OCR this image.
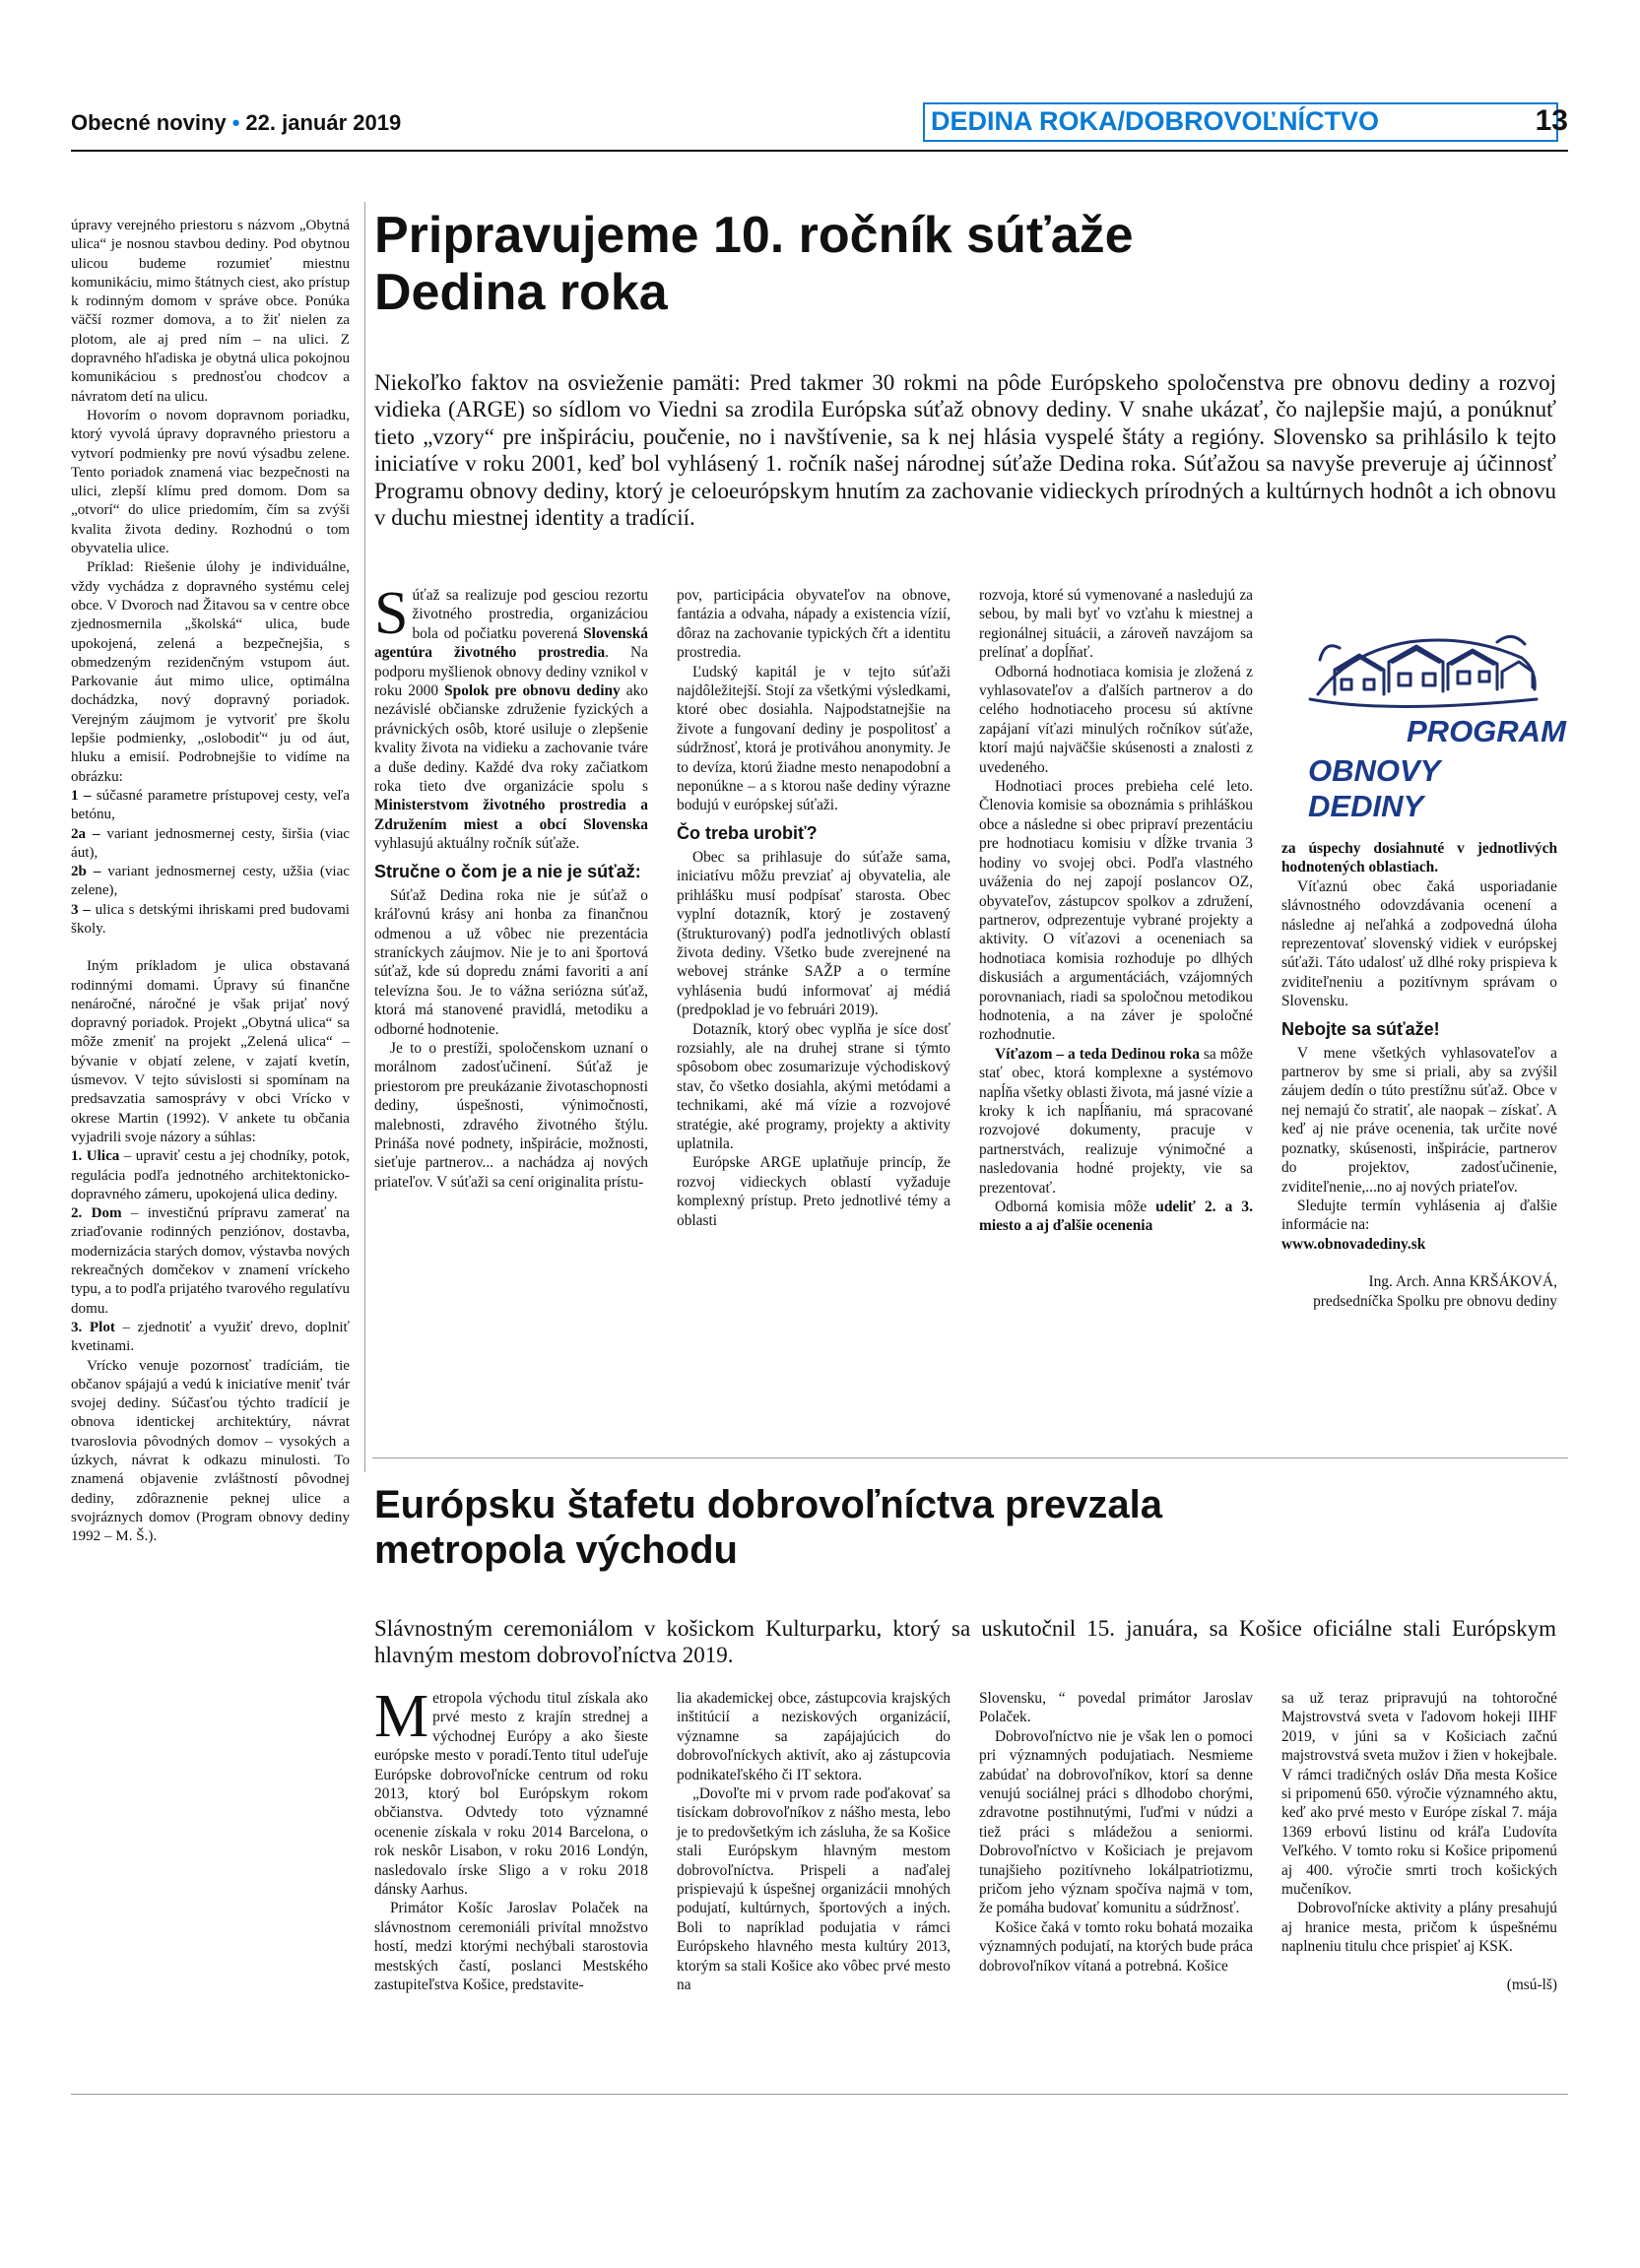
Obecné noviny • 22. január 2019	DEDINA ROKA/DOBROVOĽNÍCTVO	13

úpravy verejného priestoru s názvom „Obytná ulica“ je nosnou stavbou dediny. Pod obytnou ulicou budeme rozumieť miestnu komunikáciu, mimo štátnych ciest, ako prístup k rodinným domom v správe obce. Ponúka väčší rozmer domova, a to žiť nielen za plotom, ale aj pred ním – na ulici. Z dopravného hľadiska je obytná ulica pokojnou komunikáciou s prednosťou chodcov a návratom detí na ulicu.

Hovorím o novom dopravnom poriadku, ktorý vyvolá úpravy dopravného priestoru a vytvorí podmienky pre novú výsadbu zelene. Tento poriadok znamená viac bezpečnosti na ulici, zlepší klímu pred domom. Dom sa „otvorí“ do ulice priedomím, čím sa zvýši kvalita života dediny. Rozhodnú o tom obyvatelia ulice.

Príklad: Riešenie úlohy je individuálne, vždy vychádza z dopravného systému celej obce. V Dvoroch nad Žitavou sa v centre obce zjednosmernila „školská“ ulica, bude upokojená, zelená a bezpečnejšia, s obmedzeným rezidenčným vstupom áut. Parkovanie áut mimo ulice, optimálna dochádzka, nový dopravný poriadok. Verejným záujmom je vytvoriť pre školu lepšie podmienky, „oslobodiť“ ju od áut, hluku a emisií. Podrobnejšie to vidíme na obrázku:

1 – súčasné parametre prístupovej cesty, veľa betónu,

2a – variant jednosmernej cesty, širšia (viac áut),

2b – variant jednosmernej cesty, užšia (viac zelene),

3 – ulica s detskými ihriskami pred budovami školy.

Iným príkladom je ulica obstavaná rodinnými domami. Úpravy sú finančne nenáročné, náročné je však prijať nový dopravný poriadok. Projekt „Obytná ulica“ sa môže zmeniť na projekt „Zelená ulica“ – bývanie v objatí zelene, v zajatí kvetín, úsmevov. V tejto súvislosti si spomínam na predsavzatia samosprávy v obci Vrícko v okrese Martin (1992). V ankete tu občania vyjadrili svoje názory a súhlas:

1. Ulica – upraviť cestu a jej chodníky, potok, regulácia podľa jednotného architektonicko-dopravného zámeru, upokojená ulica dediny.

2. Dom – investičnú prípravu zamerať na zriaďovanie rodinných penziónov, dostavba, modernizácia starých domov, výstavba nových rekreačných domčekov v znamení vríckeho typu, a to podľa prijatého tvarového regulatívu domu.

3. Plot – zjednotiť a využiť drevo, doplniť kvetinami.

Vrícko venuje pozornosť tradíciám, tie občanov spájajú a vedú k iniciatíve meniť tvár svojej dediny. Súčasťou týchto tradícií je obnova identickej architektúry, návrat tvaroslovia pôvodných domov – vysokých a úzkych, návrat k odkazu minulosti. To znamená objavenie zvláštností pôvodnej dediny, zdôraznenie peknej ulice a svojráznych domov (Program obnovy dediny 1992 – M. Š.).

Pripravujeme 10. ročník súťaže
Dedina roka
Niekoľko faktov na osvieženie pamäti: Pred takmer 30 rokmi na pôde Európskeho spoločenstva pre obnovu dediny a rozvoj vidieka (ARGE) so sídlom vo Viedni sa zrodila Európska súťaž obnovy dediny. V snahe ukázať, čo najlepšie majú, a ponúknuť tieto „vzory“ pre inšpiráciu, poučenie, no i navštívenie, sa k nej hlásia vyspelé štáty a regióny. Slovensko sa prihlásilo k tejto iniciatíve v roku 2001, keď bol vyhlásený 1. ročník našej národnej súťaže Dedina roka. Súťažou sa navyše preveruje aj účinnosť Programu obnovy dediny, ktorý je celoeurópskym hnutím za zachovanie vidieckych prírodných a kultúrnych hodnôt a ich obnovu v duchu miestnej identity a tradícií.

Súťaž sa realizuje pod gesciou rezortu životného prostredia, organizáciou bola od počiatku poverená Slovenská agentúra životného prostredia. Na podporu myšlienok obnovy dediny vznikol v roku 2000 Spolok pre obnovu dediny ako nezávislé občianske združenie fyzických a právnických osôb, ktoré usiluje o zlepšenie kvality života na vidieku a zachovanie tváre a duše dediny. Každé dva roky začiatkom roka tieto dve organizácie spolu s Ministerstvom životného prostredia a Združením miest a obcí Slovenska vyhlasujú aktuálny ročník súťaže.

Stručne o čom je a nie je súťaž:

Súťaž Dedina roka nie je súťaž o kráľovnú krásy ani honba za finančnou odmenou a už vôbec nie prezentácia straníckych záujmov. Nie je to ani športová súťaž, kde sú dopredu známi favoriti a aní televízna šou. Je to vážna seriózna súťaž, ktorá má stanovené pravidlá, metodiku a odborné hodnotenie.

Je to o prestíži, spoločenskom uznaní o morálnom zadosťučinení. Súťaž je priestorom pre preukázanie životaschopnosti dediny, úspešnosti, výnimočnosti, malebnosti, zdravého životného štýlu. Prináša nové podnety, inšpirácie, možnosti, sieťuje partnerov... a nachádza aj nových priateľov. V súťaži sa cení originalita prístu-

pov, participácia obyvateľov na obnove, fantázia a odvaha, nápady a existencia vízií, dôraz na zachovanie typických čŕt a identitu prostredia.

Ľudský kapitál je v tejto súťaži najdôležitejší. Stojí za všetkými výsledkami, ktoré obec dosiahla. Najpodstatnejšie na živote a fungovaní dediny je pospolitosť a súdržnosť, ktorá je protiváhou anonymity. Je to devíza, ktorú žiadne mesto nenapodobní a neponúkne – a s ktorou naše dediny výrazne bodujú v európskej súťaži.

Čo treba urobiť?

Obec sa prihlasuje do súťaže sama, iniciatívu môžu prevziať aj obyvatelia, ale prihlášku musí podpísať starosta. Obec vyplní dotazník, ktorý je zostavený (štrukturovaný) podľa jednotlivých oblastí života dediny. Všetko bude zverejnené na webovej stránke SAŽP a o termíne vyhlásenia budú informovať aj médiá (predpoklad je vo februári 2019).

Dotazník, ktorý obec vyplňa je síce dosť rozsiahly, ale na druhej strane si týmto spôsobom obec zosumarizuje východiskový stav, čo všetko dosiahla, akými metódami a technikami, aké má vízie a rozvojové stratégie, aké programy, projekty a aktivity uplatnila.

Európske ARGE uplatňuje princíp, že rozvoj vidieckych oblastí vyžaduje komplexný prístup. Preto jednotlivé témy a oblasti

rozvoja, ktoré sú vymenované a nasledujú za sebou, by mali byť vo vzťahu k miestnej a regionálnej situácii, a zároveň navzájom sa prelínať a dopĺňať.

Odborná hodnotiaca komisia je zložená z vyhlasovateľov a ďalších partnerov a do celého hodnotiaceho procesu sú aktívne zapájaní víťazi minulých ročníkov súťaže, ktorí majú najväčšie skúsenosti a znalosti z uvedeného.

Hodnotiaci proces prebieha celé leto. Členovia komisie sa oboznámia s prihláškou obce a následne si obec pripraví prezentáciu pre hodnotiacu komisiu v dĺžke trvania 3 hodiny vo svojej obci. Podľa vlastného uváženia do nej zapojí poslancov OZ, obyvateľov, zástupcov spolkov a združení, partnerov, odprezentuje vybrané projekty a aktivity. O víťazovi a oceneniach sa hodnotiaca komisia rozhoduje po dlhých diskusiách a argumentáciách, vzájomných porovnaniach, riadi sa spoločnou metodikou hodnotenia, a na záver je spoločné rozhodnutie.

Víťazom – a teda Dedinou roka sa môže stať obec, ktorá komplexne a systémovo napĺňa všetky oblasti života, má jasné vízie a kroky k ich napĺňaniu, má spracované rozvojové dokumenty, pracuje v partnerstvách, realizuje výnimočné a nasledovania hodné projekty, vie sa prezentovať.

Odborná komisia môže udeliť 2. a 3. miesto a aj ďalšie ocenenia

PROGRAM
OBNOVY DEDINY

za úspechy dosiahnuté v jednotlivých hodnotených oblastiach.

Víťaznú obec čaká usporiadanie slávnostného odovzdávania ocenení a následne aj neľahká a zodpovedná úloha reprezentovať slovenský vidiek v európskej súťaži. Táto udalosť už dlhé roky prispieva k zviditeľneniu a pozitívnym správam o Slovensku.

Nebojte sa súťaže!

V mene všetkých vyhlasovateľov a partnerov by sme si priali, aby sa zvýšil záujem dedín o túto prestížnu súťaž. Obce v nej nemajú čo stratiť, ale naopak – získať. A keď aj nie práve ocenenia, tak určite nové poznatky, skúsenosti, inšpirácie, partnerov do projektov, zadosťučinenie, zviditeľnenie,...no aj nových priateľov.

Sledujte termín vyhlásenia aj ďalšie informácie na:

www.obnovadediny.sk

Ing. Arch. Anna KRŠÁKOVÁ,

predsedníčka Spolku pre obnovu dediny

Európsku štafetu dobrovoľníctva prevzala
metropola východu
Slávnostným ceremoniálom v košickom Kulturparku, ktorý sa uskutočnil 15. januára, sa Košice oficiálne stali Európskym hlavným mestom dobrovoľníctva 2019.

Metropola východu titul získala ako prvé mesto z krajín strednej a východnej Európy a ako šieste európske mesto v poradí.Tento titul udeľuje Európske dobrovoľnícke centrum od roku 2013, ktorý bol Európskym rokom občianstva. Odvtedy toto významné ocenenie získala v roku 2014 Barcelona, o rok neskôr Lisabon, v roku 2016 Londýn, nasledovalo írske Sligo a v roku 2018 dánsky Aarhus.

Primátor Košíc Jaroslav Polaček na slávnostnom ceremoniáli privítal množstvo hostí, medzi ktorými nechýbali starostovia mestských častí, poslanci Mestského zastupiteľstva Košice, predstavite-

lia akademickej obce, zástupcovia krajských inštitúcií a neziskových organizácií, významne sa zapájajúcich do dobrovoľníckych aktivít, ako aj zástupcovia podnikateľského či IT sektora.

„Dovoľte mi v prvom rade poďakovať sa tisíckam dobrovoľníkov z nášho mesta, lebo je to predovšetkým ich zásluha, že sa Košice stali Európskym hlavným mestom dobrovoľníctva. Prispeli a naďalej prispievajú k úspešnej organizácii mnohých podujatí, kultúrnych, športových a iných. Boli to napríklad podujatia v rámci Európskeho hlavného mesta kultúry 2013, ktorým sa stali Košice ako vôbec prvé mesto na

Slovensku, “ povedal primátor Jaroslav Polaček.

Dobrovoľníctvo nie je však len o pomoci pri významných podujatiach. Nesmieme zabúdať na dobrovoľníkov, ktorí sa denne venujú sociálnej práci s dlhodobo chorými, zdravotne postihnutými, ľuďmi v núdzi a tiež práci s mládežou a seniormi. Dobrovoľníctvo v Košiciach je prejavom tunajšieho pozitívneho lokálpatriotizmu, pričom jeho význam spočíva najmä v tom, že pomáha budovať komunitu a súdržnosť.

Košice čaká v tomto roku bohatá mozaika významných podujatí, na ktorých bude práca dobrovoľníkov vítaná a potrebná. Košice

sa už teraz pripravujú na tohtoročné Majstrovstvá sveta v ľadovom hokeji IIHF 2019, v júni sa v Košiciach začnú majstrovstvá sveta mužov i žien v hokejbale. V rámci tradičných osláv Dňa mesta Košice si pripomenú 650. výročie významného aktu, keď ako prvé mesto v Európe získal 7. mája 1369 erbovú listinu od kráľa Ľudovíta Veľkého. V tomto roku si Košice pripomenú aj 400. výročie smrti troch košických mučeníkov.

Dobrovoľnícke aktivity a plány presahujú aj hranice mesta, pričom k úspešnému naplneniu titulu chce prispieť aj KSK.

(msú-lš)
